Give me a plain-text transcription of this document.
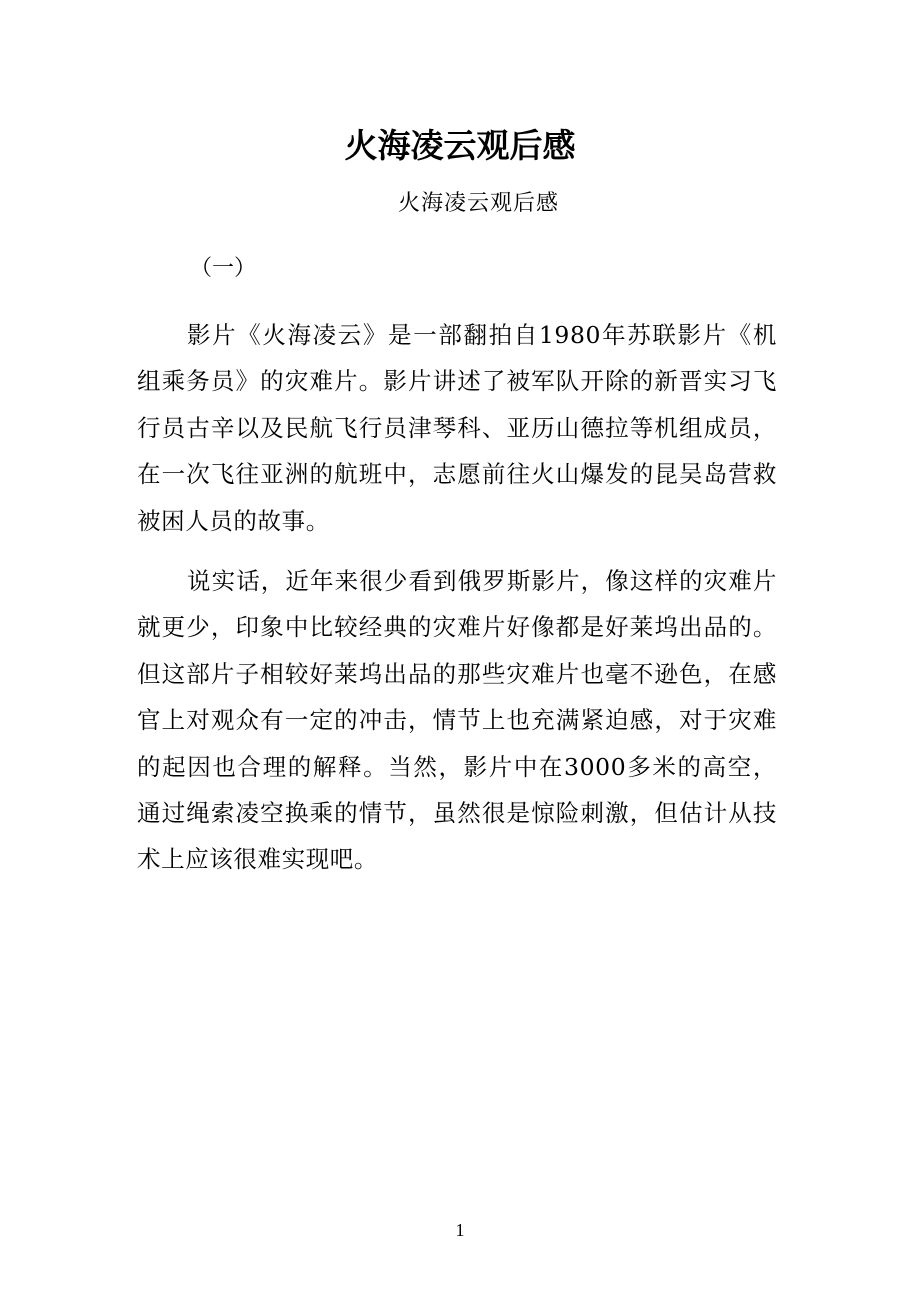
火海凌云观后感

火海凌云观后感

（一）

影片《火海凌云》是一部翻拍自1980年苏联影片《机组乘务员》的灾难片。影片讲述了被军队开除的新晋实习飞行员古辛以及民航飞行员津琴科、亚历山德拉等机组成员，在一次飞往亚洲的航班中，志愿前往火山爆发的昆吴岛营救被困人员的故事。

说实话，近年来很少看到俄罗斯影片，像这样的灾难片就更少，印象中比较经典的灾难片好像都是好莱坞出品的。但这部片子相较好莱坞出品的那些灾难片也毫不逊色，在感官上对观众有一定的冲击，情节上也充满紧迫感，对于灾难的起因也合理的解释。当然，影片中在3000多米的高空，通过绳索凌空换乘的情节，虽然很是惊险刺激，但估计从技术上应该很难实现吧。

1
